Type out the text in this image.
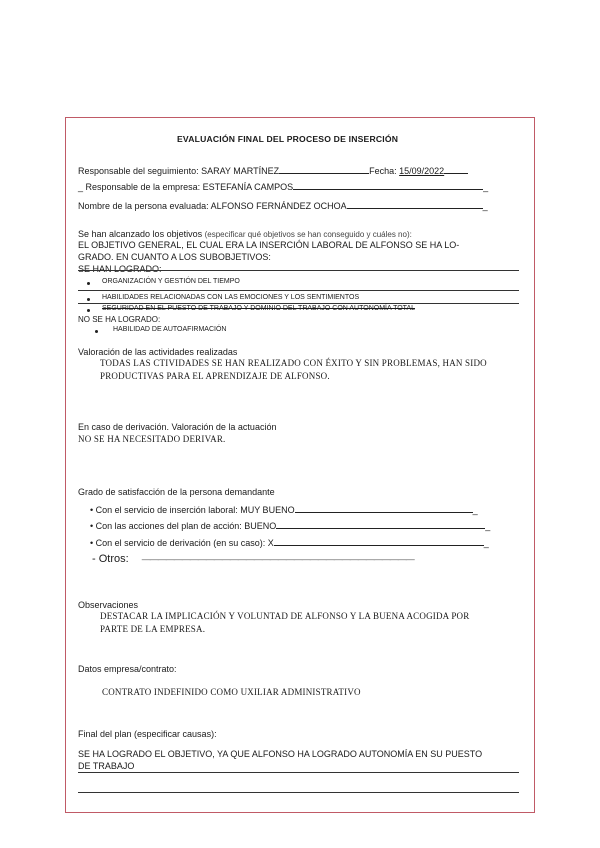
EVALUACIÓN FINAL DEL PROCESO DE INSERCIÓN
Responsable del seguimiento: SARAY MARTÍNEZ	Fecha: 15/09/2022
_ Responsable de la empresa: ESTEFANÍA CAMPOS	_
Nombre de la persona evaluada: ALFONSO FERNÁNDEZ OCHOA	_
Se han alcanzado los objetivos (especificar qué objetivos se han conseguido y cuáles no):
EL OBJETIVO GENERAL, EL CUAL ERA LA INSERCIÓN LABORAL DE ALFONSO SE HA LO-
GRADO. EN CUANTO A LOS SUBOBJETIVOS:
SE HAN LOGRADO:
ORGANIZACIÓN Y GESTIÓN DEL TIEMPO
HABILIDADES RELACIONADAS CON LAS EMOCIONES Y LOS SENTIMIENTOS
SEGURIDAD EN EL PUESTO DE TRABAJO Y DOMINIO DEL TRABAJO CON AUTONOMÍA TOTAL
NO SE HA LOGRADO:
HABILIDAD DE AUTOAFIRMACIÓN
Valoración de las actividades realizadas
TODAS LAS CTIVIDADES SE HAN REALIZADO CON ÉXITO Y SIN PROBLEMAS, HAN SIDO
PRODUCTIVAS PARA EL APRENDIZAJE DE ALFONSO.
En caso de derivación. Valoración de la actuación
NO SE HA NECESITADO DERIVAR.
Grado de satisfacción de la persona demandante
• Con el servicio de inserción laboral: MUY BUENO	_
• Con las acciones del plan de acción: BUENO	_
• Con el servicio de derivación (en su caso): X	_
- Otros: ——————————————————————————————————
Observaciones
DESTACAR LA IMPLICACIÓN Y VOLUNTAD DE ALFONSO Y LA BUENA ACOGIDA POR
PARTE DE LA EMPRESA.
Datos empresa/contrato:
CONTRATO INDEFINIDO COMO UXILIAR ADMINISTRATIVO
Final del plan (especificar causas):
SE HA LOGRADO EL OBJETIVO, YA QUE ALFONSO HA LOGRADO AUTONOMÍA EN SU PUESTO
DE TRABAJO
